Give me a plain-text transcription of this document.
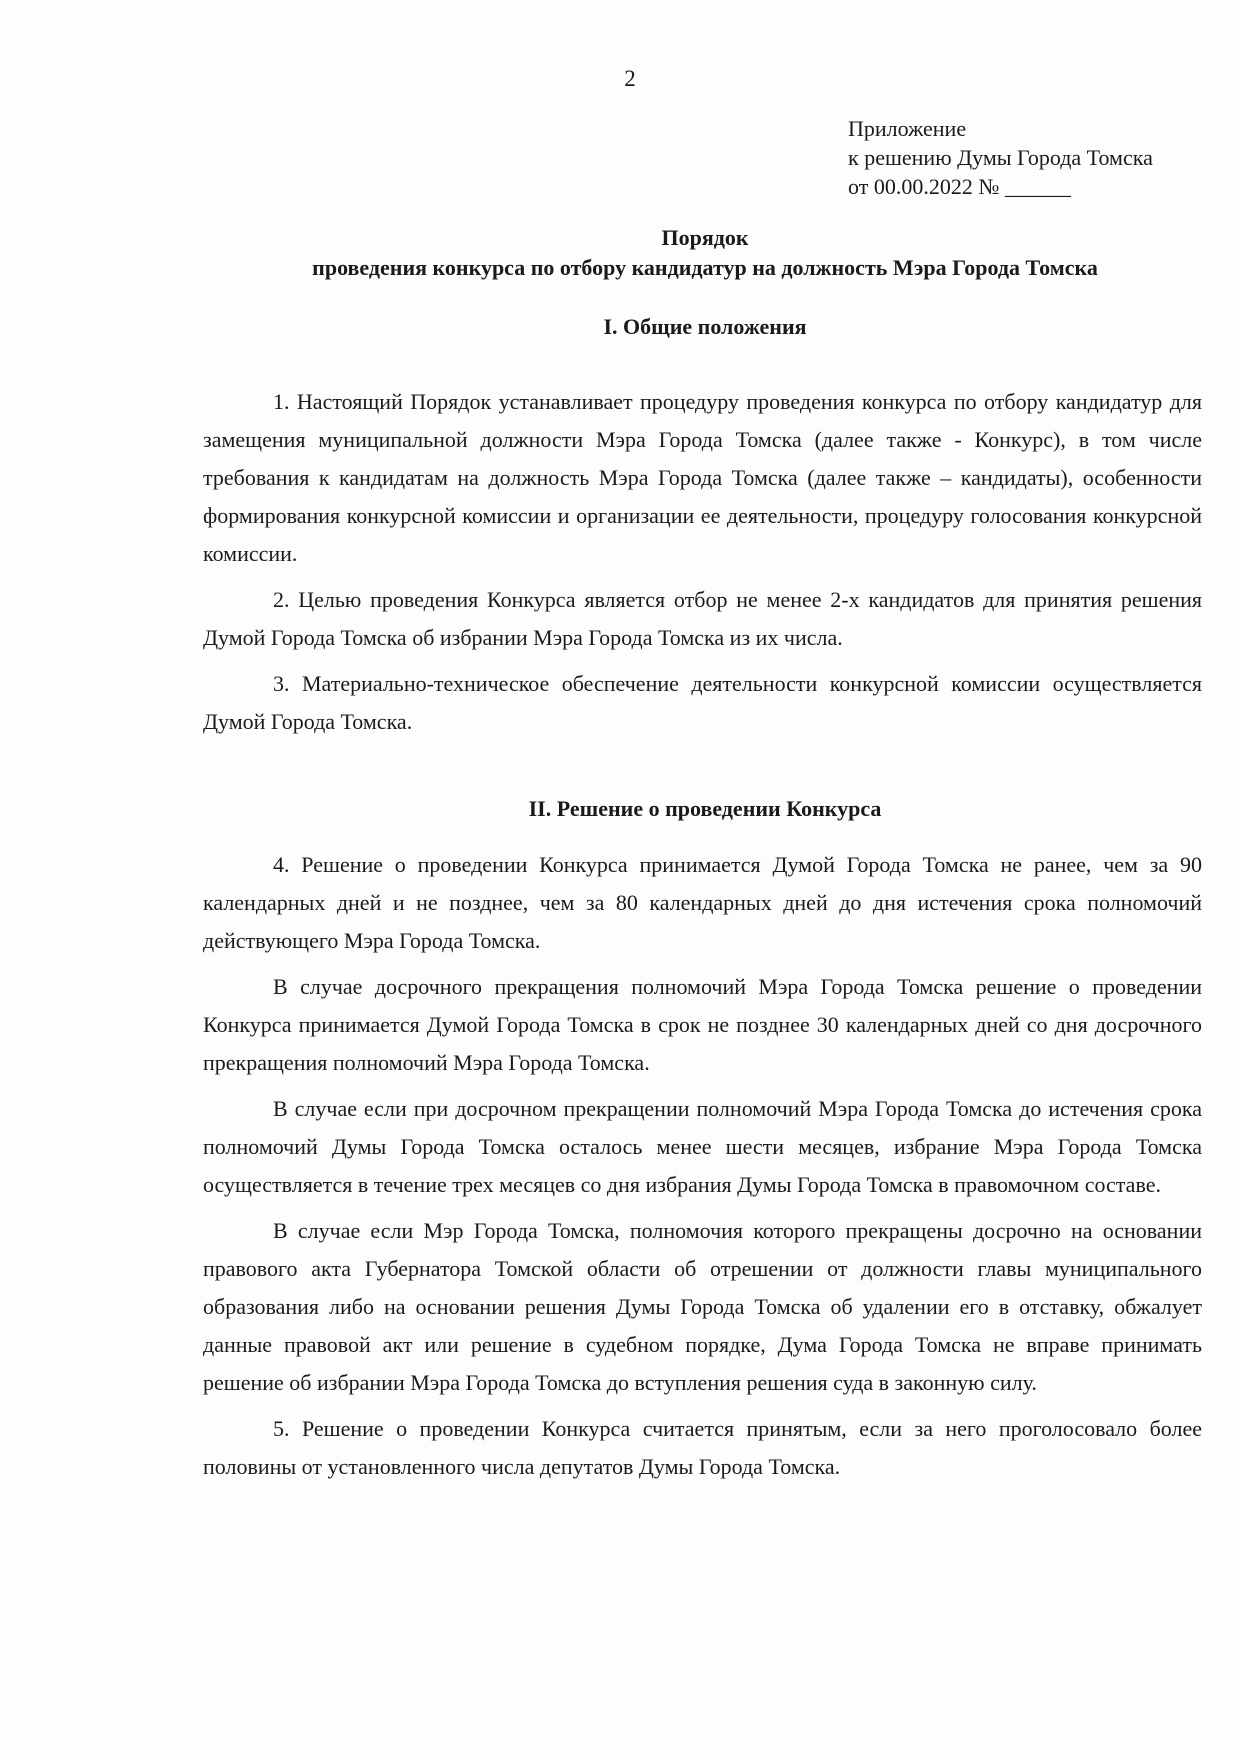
2
Приложение
к решению Думы Города Томска
от 00.00.2022 № ______
Порядок
проведения конкурса по отбору кандидатур на должность Мэра Города Томска
I. Общие положения

1. Настоящий Порядок устанавливает процедуру проведения конкурса по отбору кандидатур для замещения муниципальной должности Мэра Города Томска (далее также - Конкурс), в том числе требования к кандидатам на должность Мэра Города Томска (далее также – кандидаты), особенности формирования конкурсной комиссии и организации ее деятельности, процедуру голосования конкурсной комиссии.

2. Целью проведения Конкурса является отбор не менее 2-х кандидатов для принятия решения Думой Города Томска об избрании Мэра Города Томска из их числа.

3. Материально-техническое обеспечение деятельности конкурсной комиссии осуществляется Думой Города Томска.

II. Решение о проведении Конкурса

4. Решение о проведении Конкурса принимается Думой Города Томска не ранее, чем за 90 календарных дней и не позднее, чем за 80 календарных дней до дня истечения срока полномочий действующего Мэра Города Томска.

В случае досрочного прекращения полномочий Мэра Города Томска решение о проведении Конкурса принимается Думой Города Томска в срок не позднее 30 календарных дней со дня досрочного прекращения полномочий Мэра Города Томска.

В случае если при досрочном прекращении полномочий Мэра Города Томска до истечения срока полномочий Думы Города Томска осталось менее шести месяцев, избрание Мэра Города Томска осуществляется в течение трех месяцев со дня избрания Думы Города Томска в правомочном составе.

В случае если Мэр Города Томска, полномочия которого прекращены досрочно на основании правового акта Губернатора Томской области об отрешении от должности главы муниципального образования либо на основании решения Думы Города Томска об удалении его в отставку, обжалует данные правовой акт или решение в судебном порядке, Дума Города Томска не вправе принимать решение об избрании Мэра Города Томска до вступления решения суда в законную силу.

5. Решение о проведении Конкурса считается принятым, если за него проголосовало более половины от установленного числа депутатов Думы Города Томска.
